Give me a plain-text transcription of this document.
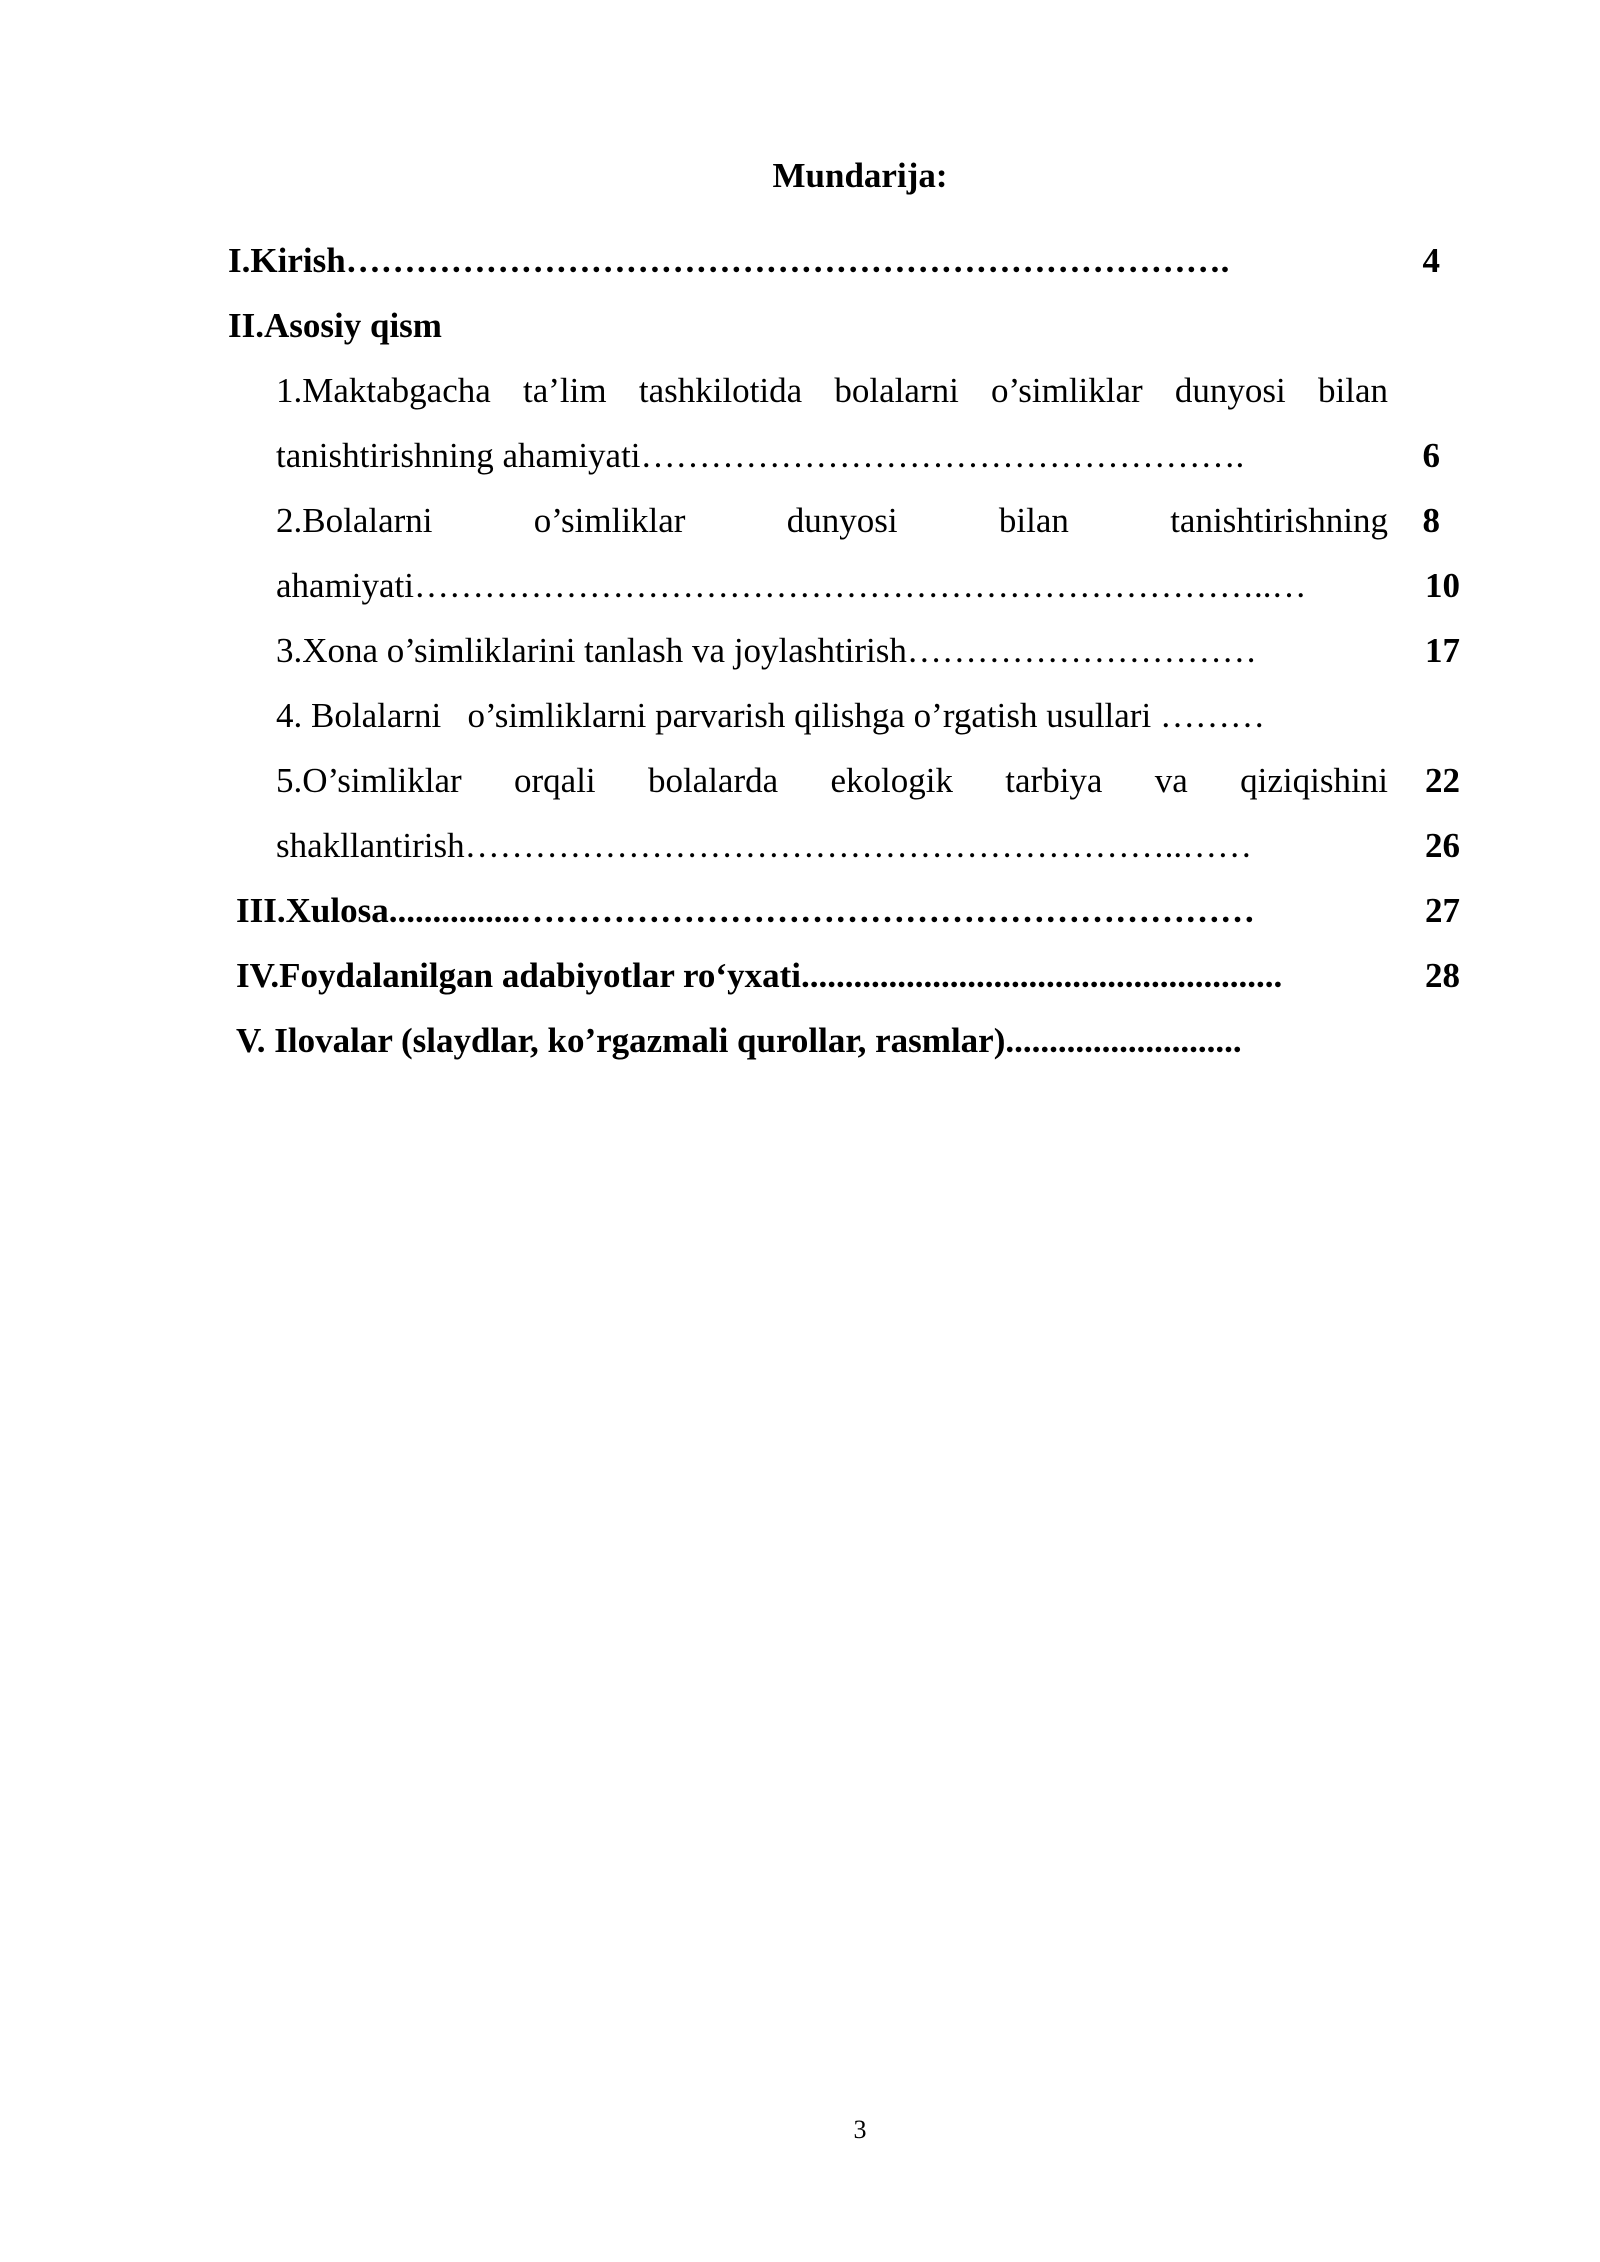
Mundarija:
I.Kirish………………………………………………………………….	4
II.Asosiy qism
1.Maktabgacha ta’lim tashkilotida bolalarni o’simliklar dunyosi bilan
tanishtirishning ahamiyati…………………………………………….	6
2.Bolalarni	o’simliklar	dunyosi	bilan	tanishtirishning 8
ahamiyati………………………………………………………………..…	10
3.Xona o’simliklarini tanlash va joylashtirish…………………………	17
4. Bolalarni   o’simliklarni parvarish qilishga o’rgatish usullari ………
5.O’simliklar orqali bolalarda ekologik tarbiya va qiziqishini	22
shakllantirish……………………………………………………..……	26
III.Xulosa...............………………………………………………………	27
IV.Foydalanilgan adabiyotlar ro‘yxati.......................................................	28
V. Ilovalar (slaydlar, ko’rgazmali qurollar, rasmlar)...........................
3
